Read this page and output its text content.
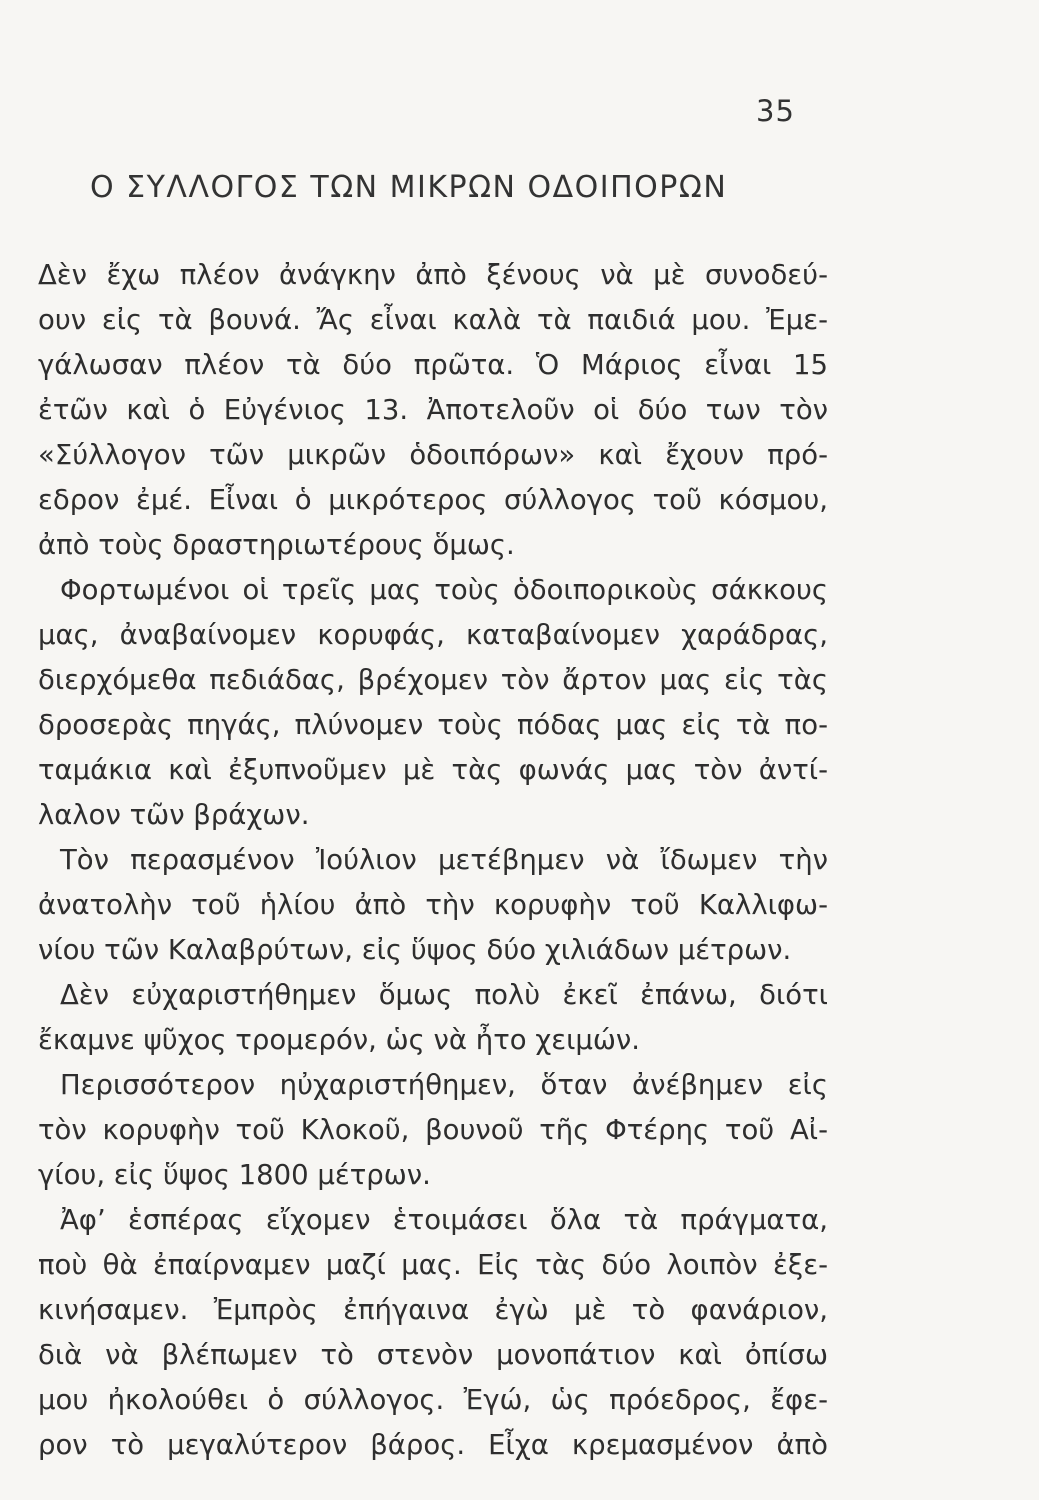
35
Ο ΣΥΛΛΟΓΟΣ ΤΩΝ ΜΙΚΡΩΝ ΟΔΟΙΠΟΡΩΝ
Δὲν ἔχω πλέον ἀνάγκην ἀπὸ ξένους νὰ μὲ συνοδεύ-
ουν εἰς τὰ βουνά. Ἄς εἶναι καλὰ τὰ παιδιά μου. Ἐμε-
γάλωσαν πλέον τὰ δύο πρῶτα. Ὁ Μάριος εἶναι 15
ἐτῶν καὶ ὁ Εὐγένιος 13. Ἀποτελοῦν οἱ δύο των τὸν
«Σύλλογον τῶν μικρῶν ὁδοιπόρων» καὶ ἔχουν πρό-
εδρον ἐμέ. Εἶναι ὁ μικρότερος σύλλογος τοῦ κόσμου,
ἀπὸ τοὺς δραστηριωτέρους ὅμως.
Φορτωμένοι οἱ τρεῖς μας τοὺς ὁδοιπορικοὺς σάκκους
μας, ἀναβαίνομεν κορυφάς, καταβαίνομεν χαράδρας,
διερχόμεθα πεδιάδας, βρέχομεν τὸν ἄρτον μας εἰς τὰς
δροσερὰς πηγάς, πλύνομεν τοὺς πόδας μας εἰς τὰ πο-
ταμάκια καὶ ἐξυπνοῦμεν μὲ τὰς φωνάς μας τὸν ἀντί-
λαλον τῶν βράχων.
Τὸν περασμένον Ἰούλιον μετέβημεν νὰ ἴδωμεν τὴν
ἀνατολὴν τοῦ ἡλίου ἀπὸ τὴν κορυφὴν τοῦ Καλλιφω-
νίου τῶν Καλαβρύτων, εἰς ὕψος δύο χιλιάδων μέτρων.
Δὲν εὐχαριστήθημεν ὅμως πολὺ ἐκεῖ ἐπάνω, διότι
ἔκαμνε ψῦχος τρομερόν, ὡς νὰ ἦτο χειμών.
Περισσότερον ηὐχαριστήθημεν, ὅταν ἀνέβημεν εἰς
τὸν κορυφὴν τοῦ Κλοκοῦ, βουνοῦ τῆς Φτέρης τοῦ Αἰ-
γίου, εἰς ὕψος 1800 μέτρων.
Ἀφ’ ἑσπέρας εἴχομεν ἑτοιμάσει ὅλα τὰ πράγματα,
ποὺ θὰ ἐπαίρναμεν μαζί μας. Εἰς τὰς δύο λοιπὸν ἐξε-
κινήσαμεν. Ἐμπρὸς ἐπήγαινα ἐγὼ μὲ τὸ φανάριον,
διὰ νὰ βλέπωμεν τὸ στενὸν μονοπάτιον καὶ ὀπίσω
μου ἠκολούθει ὁ σύλλογος. Ἐγώ, ὡς πρόεδρος, ἔφε-
ρον τὸ μεγαλύτερον βάρος. Εἶχα κρεμασμένον ἀπὸ
